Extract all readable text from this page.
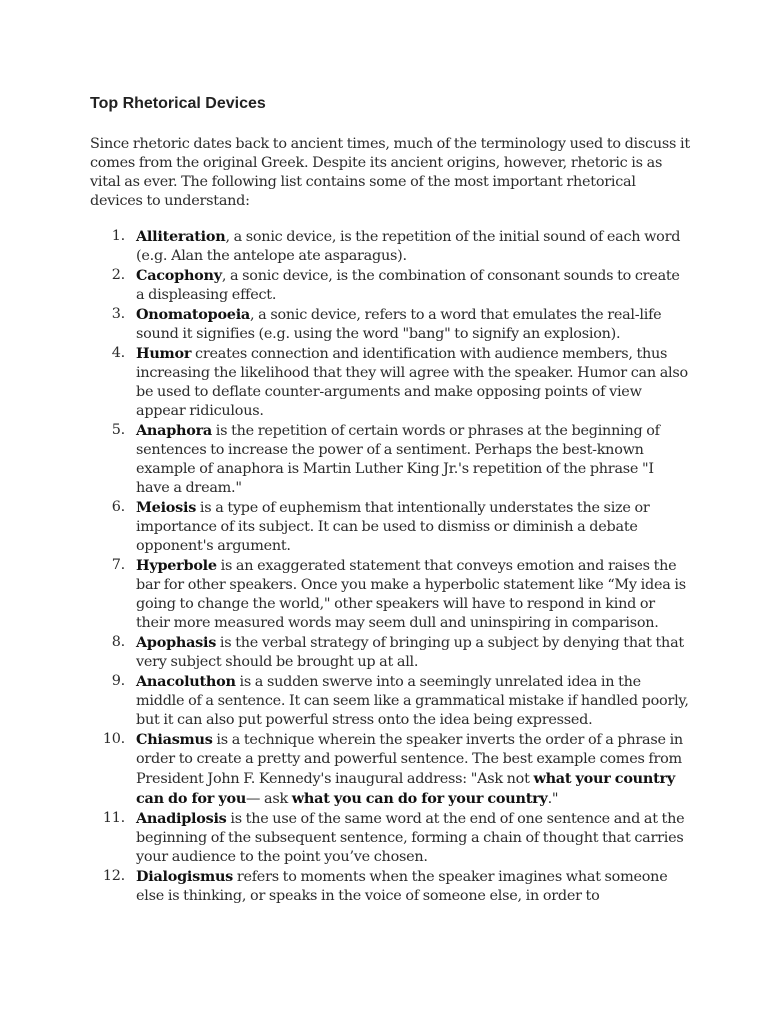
Top Rhetorical Devices

Since rhetoric dates back to ancient times, much of the terminology used to discuss it comes from the original Greek. Despite its ancient origins, however, rhetoric is as vital as ever. The following list contains some of the most important rhetorical devices to understand:

1. Alliteration, a sonic device, is the repetition of the initial sound of each word (e.g. Alan the antelope ate asparagus).
2. Cacophony, a sonic device, is the combination of consonant sounds to create a displeasing effect.
3. Onomatopoeia, a sonic device, refers to a word that emulates the real-life sound it signifies (e.g. using the word "bang" to signify an explosion).
4. Humor creates connection and identification with audience members, thus increasing the likelihood that they will agree with the speaker. Humor can also be used to deflate counter-arguments and make opposing points of view appear ridiculous.
5. Anaphora is the repetition of certain words or phrases at the beginning of sentences to increase the power of a sentiment. Perhaps the best-known example of anaphora is Martin Luther King Jr.'s repetition of the phrase "I have a dream."
6. Meiosis is a type of euphemism that intentionally understates the size or importance of its subject. It can be used to dismiss or diminish a debate opponent's argument.
7. Hyperbole is an exaggerated statement that conveys emotion and raises the bar for other speakers. Once you make a hyperbolic statement like “My idea is going to change the world," other speakers will have to respond in kind or their more measured words may seem dull and uninspiring in comparison.
8. Apophasis is the verbal strategy of bringing up a subject by denying that that very subject should be brought up at all.
9. Anacoluthon is a sudden swerve into a seemingly unrelated idea in the middle of a sentence. It can seem like a grammatical mistake if handled poorly, but it can also put powerful stress onto the idea being expressed.
10. Chiasmus is a technique wherein the speaker inverts the order of a phrase in order to create a pretty and powerful sentence. The best example comes from President John F. Kennedy's inaugural address: "Ask not what your country can do for you— ask what you can do for your country."
11. Anadiplosis is the use of the same word at the end of one sentence and at the beginning of the subsequent sentence, forming a chain of thought that carries your audience to the point you’ve chosen.
12. Dialogismus refers to moments when the speaker imagines what someone else is thinking, or speaks in the voice of someone else, in order to
